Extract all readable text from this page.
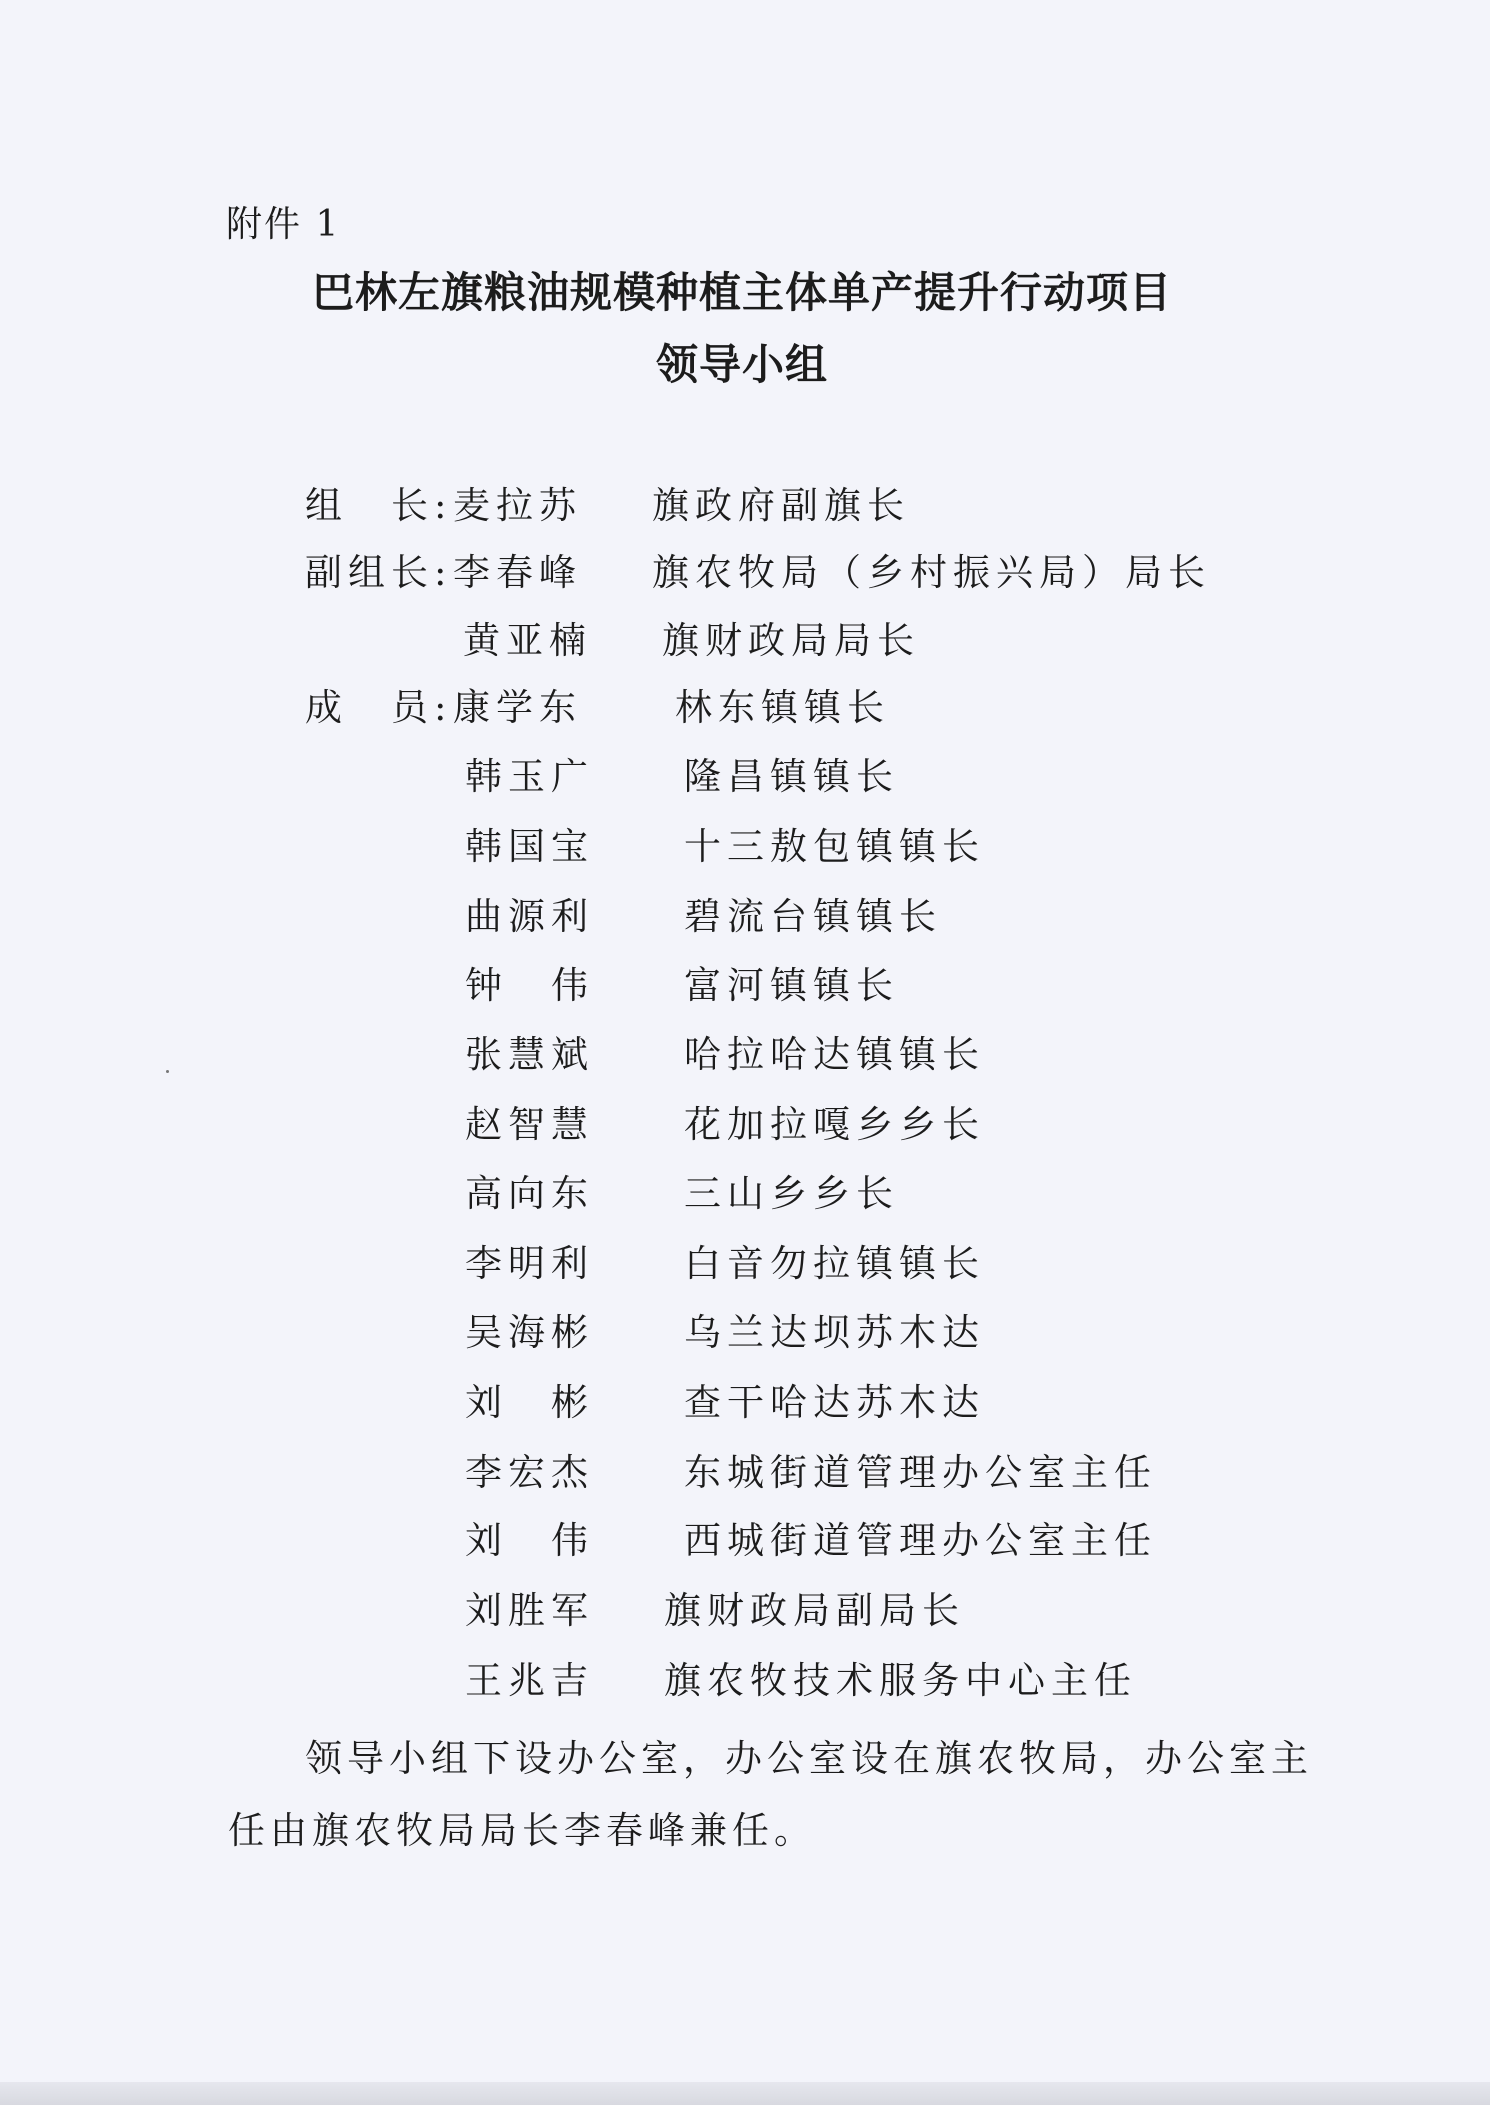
附件 1
巴林左旗粮油规模种植主体单产提升行动项目
领导小组
组　长: 麦拉苏 旗政府副旗长
副组长: 李春峰 旗农牧局（乡村振兴局）局长
黄亚楠 旗财政局局长
成　员: 康学东	林东镇镇长
韩玉广 隆昌镇镇长
韩国宝 十三敖包镇镇长
曲源利 碧流台镇镇长
钟　伟 富河镇镇长
张慧斌 哈拉哈达镇镇长
赵智慧 花加拉嘎乡乡长
高向东 三山乡乡长
李明利 白音勿拉镇镇长
吴海彬 乌兰达坝苏木达
刘　彬 查干哈达苏木达
李宏杰 东城街道管理办公室主任
刘　伟 西城街道管理办公室主任
刘胜军 旗财政局副局长
王兆吉 旗农牧技术服务中心主任
领导小组下设办公室，办公室设在旗农牧局，办公室主
任由旗农牧局局长李春峰兼任。
